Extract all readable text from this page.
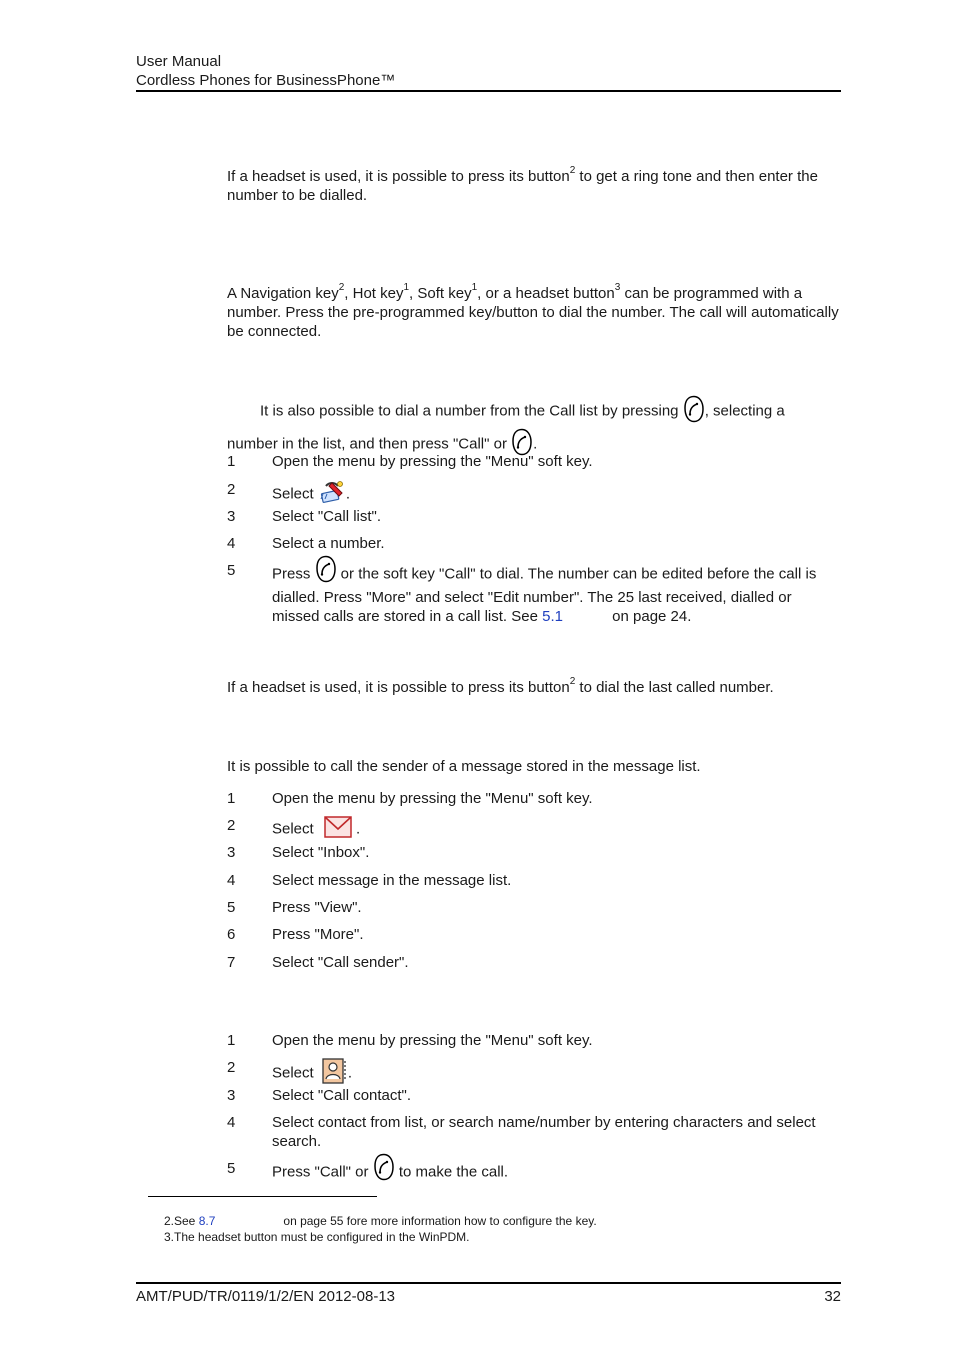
User Manual
Cordless Phones for BusinessPhone™
If a headset is used, it is possible to press its button$^2$ to get a ring tone and then enter the number to be dialled.
A Navigation key$^2$, Hot key$^1$, Soft key$^1$, or a headset button$^3$ can be programmed with a number. Press the pre-programmed key/button to dial the number. The call will automatically be connected.
It is also possible to dial a number from the Call list by pressing , selecting a
number in the list, and then press "Call" or .
1 Open the menu by pressing the "Menu" soft key.
2 Select .
3 Select "Call list".
4 Select a number.
5 Press  or the soft key "Call" to dial. The number can be edited before the call is dialled. Press "More" and select "Edit number". The 25 last received, dialled or missed calls are stored in a call list. See 5.1	on page 24.
If a headset is used, it is possible to press its button$^2$ to dial the last called number.
It is possible to call the sender of a message stored in the message list.
1 Open the menu by pressing the "Menu" soft key.
2 Select  .
3 Select "Inbox".
4 Select message in the message list.
5 Press "View".
6 Press "More".
7 Select "Call sender".
1 Open the menu by pressing the "Menu" soft key.
2 Select .
3 Select "Call contact".
4 Select contact from list, or search name/number by entering characters and select search.
5 Press "Call" or  to make the call.
2.See 8.7	on page 55 fore more information how to configure the key.
3.The headset button must be configured in the WinPDM.
AMT/PUD/TR/0119/1/2/EN 2012-08-13	32
